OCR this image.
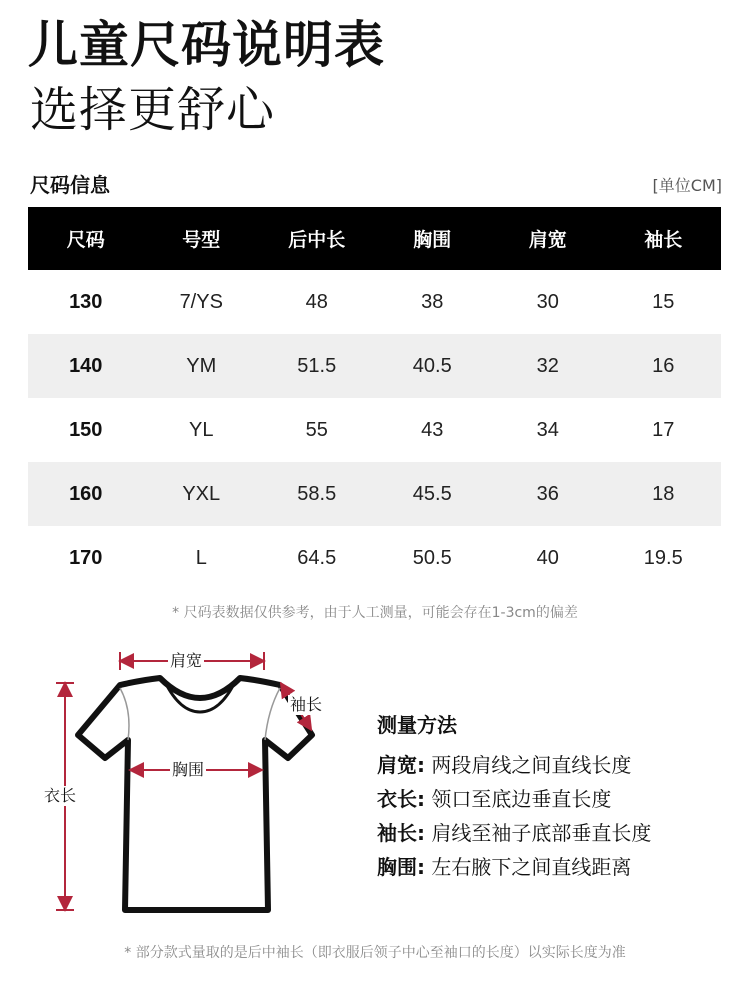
儿童尺码说明表
选择更舒心
尺码信息	[单位CM]
尺码	号型	后中长	胸围	肩宽	袖长
130	7/YS	48	38	30	15
140	YM	51.5	40.5	32	16
150	YL	55	43	34	17
160	YXL	58.5	45.5	36	18
170	L	64.5	50.5	40	19.5
* 尺码表数据仅供参考，由于人工测量，可能会存在1-3cm的偏差
肩宽
袖长
胸围
衣长
测量方法
肩宽: 两段肩线之间直线长度
衣长: 领口至底边垂直长度
袖长: 肩线至袖子底部垂直长度
胸围: 左右腋下之间直线距离
* 部分款式量取的是后中袖长（即衣服后领子中心至袖口的长度）以实际长度为准
